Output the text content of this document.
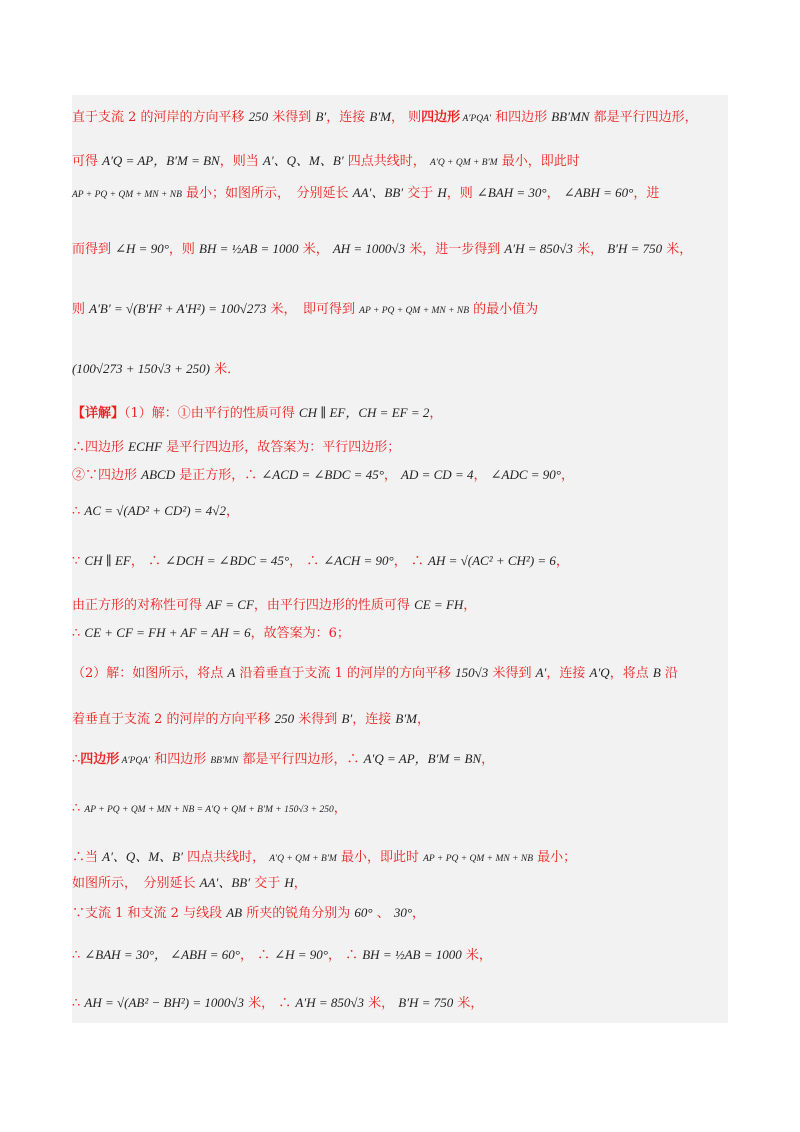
直于支流 2 的河岸的方向平移 250 米得到 B′，连接 B′M， 则四边形 A′PQA′ 和四边形 BB′MN 都是平行四边形，
可得 A′Q = AP，B′M = BN，则当 A′、Q、M、B′ 四点共线时， A′Q + QM + B′M 最小，即此时
AP + PQ + QM + MN + NB 最小；如图所示，　分别延长 AA′、BB′ 交于 H，则 ∠BAH = 30°， ∠ABH = 60°，进
而得到 ∠H = 90°，则 BH = ½AB = 1000 米， AH = 1000√3 米，进一步得到 A′H = 850√3 米， B′H = 750 米，
则 A′B′ = √(B′H² + A′H²) = 100√273 米，　即可得到 AP + PQ + QM + MN + NB 的最小值为
(100√273 + 150√3 + 250) 米．
【详解】（1）解：①由平行的性质可得 CH ∥ EF，CH = EF = 2，
∴四边形 ECHF 是平行四边形，故答案为：平行四边形；
②∵四边形 ABCD 是正方形，∴ ∠ACD = ∠BDC = 45°， AD = CD = 4， ∠ADC = 90°，
∴ AC = √(AD² + CD²) = 4√2，
∵ CH ∥ EF， ∴ ∠DCH = ∠BDC = 45°， ∴ ∠ACH = 90°， ∴ AH = √(AC² + CH²) = 6，
由正方形的对称性可得 AF = CF，由平行四边形的性质可得 CE = FH，
∴ CE + CF = FH + AF = AH = 6，故答案为：6；
（2）解：如图所示，将点 A 沿着垂直于支流 1 的河岸的方向平移 150√3 米得到 A′，连接 A′Q，将点 B 沿
着垂直于支流 2 的河岸的方向平移 250 米得到 B′，连接 B′M，
∴四边形 A′PQA′ 和四边形 BB′MN 都是平行四边形，∴ A′Q = AP，B′M = BN，
∴ AP + PQ + QM + MN + NB = A′Q + QM + B′M + 150√3 + 250，
∴当 A′、Q、M、B′ 四点共线时， A′Q + QM + B′M 最小，即此时 AP + PQ + QM + MN + NB 最小；
如图所示，　分别延长 AA′、BB′ 交于 H，
∵支流 1 和支流 2 与线段 AB 所夹的锐角分别为 60° 、 30°，
∴ ∠BAH = 30°， ∠ABH = 60°， ∴ ∠H = 90°， ∴ BH = ½AB = 1000 米，
∴ AH = √(AB² − BH²) = 1000√3 米， ∴ A′H = 850√3 米， B′H = 750 米，
